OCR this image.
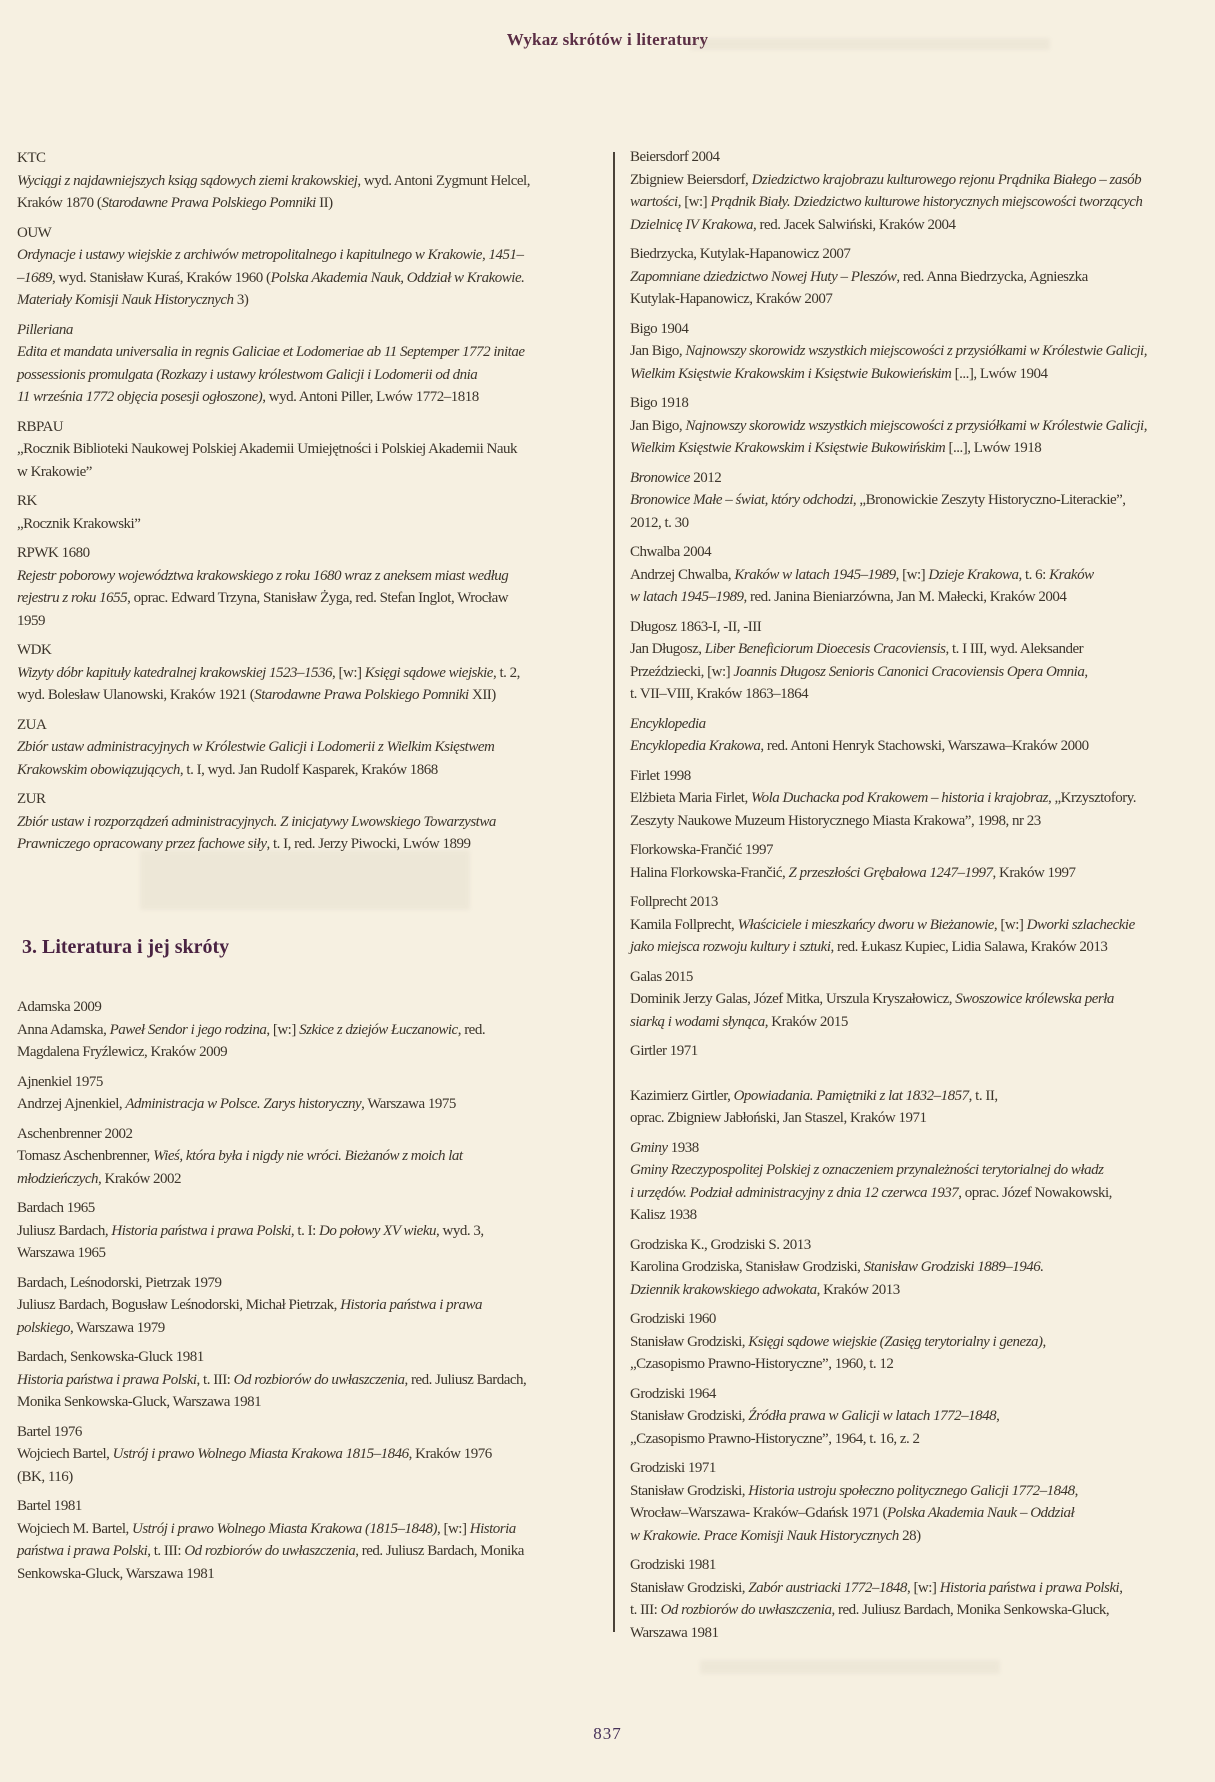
Wykaz skrótów i literatury
KTC
Wyciągi z najdawniejszych ksiąg sądowych ziemi krakowskiej, wyd. Antoni Zygmunt Helcel,
Kraków 1870 (Starodawne Prawa Polskiego Pomniki II)
OUW
Ordynacje i ustawy wiejskie z archiwów metropolitalnego i kapitulnego w Krakowie, 1451–
–1689, wyd. Stanisław Kuraś, Kraków 1960 (Polska Akademia Nauk, Oddział w Krakowie.
Materiały Komisji Nauk Historycznych 3)
Pilleriana
Edita et mandata universalia in regnis Galiciae et Lodomeriae ab 11 Septemper 1772 initae
possessionis promulgata (Rozkazy i ustawy królestwom Galicji i Lodomerii od dnia
11 września 1772 objęcia posesji ogłoszone), wyd. Antoni Piller, Lwów 1772–1818
RBPAU
„Rocznik Biblioteki Naukowej Polskiej Akademii Umiejętności i Polskiej Akademii Nauk
w Krakowie”
RK
„Rocznik Krakowski”
RPWK 1680
Rejestr poborowy województwa krakowskiego z roku 1680 wraz z aneksem miast według
rejestru z roku 1655, oprac. Edward Trzyna, Stanisław Żyga, red. Stefan Inglot, Wrocław
1959
WDK
Wizyty dóbr kapituły katedralnej krakowskiej 1523–1536, [w:] Księgi sądowe wiejskie, t. 2,
wyd. Bolesław Ulanowski, Kraków 1921 (Starodawne Prawa Polskiego Pomniki XII)
ZUA
Zbiór ustaw administracyjnych w Królestwie Galicji i Lodomerii z Wielkim Księstwem
Krakowskim obowiązujących, t. I, wyd. Jan Rudolf Kasparek, Kraków 1868
ZUR
Zbiór ustaw i rozporządzeń administracyjnych. Z inicjatywy Lwowskiego Towarzystwa
Prawniczego opracowany przez fachowe siły, t. I, red. Jerzy Piwocki, Lwów 1899
3. Literatura i jej skróty
Adamska 2009
Anna Adamska, Paweł Sendor i jego rodzina, [w:] Szkice z dziejów Łuczanowic, red.
Magdalena Fryźlewicz, Kraków 2009
Ajnenkiel 1975
Andrzej Ajnenkiel, Administracja w Polsce. Zarys historyczny, Warszawa 1975
Aschenbrenner 2002
Tomasz Aschenbrenner, Wieś, która była i nigdy nie wróci. Bieżanów z moich lat
młodzieńczych, Kraków 2002
Bardach 1965
Juliusz Bardach, Historia państwa i prawa Polski, t. I: Do połowy XV wieku, wyd. 3,
Warszawa 1965
Bardach, Leśnodorski, Pietrzak 1979
Juliusz Bardach, Bogusław Leśnodorski, Michał Pietrzak, Historia państwa i prawa
polskiego, Warszawa 1979
Bardach, Senkowska-Gluck 1981
Historia państwa i prawa Polski, t. III: Od rozbiorów do uwłaszczenia, red. Juliusz Bardach,
Monika Senkowska-Gluck, Warszawa 1981
Bartel 1976
Wojciech Bartel, Ustrój i prawo Wolnego Miasta Krakowa 1815–1846, Kraków 1976
(BK, 116)
Bartel 1981
Wojciech M. Bartel, Ustrój i prawo Wolnego Miasta Krakowa (1815–1848), [w:] Historia
państwa i prawa Polski, t. III: Od rozbiorów do uwłaszczenia, red. Juliusz Bardach, Monika
Senkowska-Gluck, Warszawa 1981
Beiersdorf 2004
Zbigniew Beiersdorf, Dziedzictwo krajobrazu kulturowego rejonu Prądnika Białego – zasób
wartości, [w:] Prądnik Biały. Dziedzictwo kulturowe historycznych miejscowości tworzących
Dzielnicę IV Krakowa, red. Jacek Salwiński, Kraków 2004
Biedrzycka, Kutylak-Hapanowicz 2007
Zapomniane dziedzictwo Nowej Huty – Pleszów, red. Anna Biedrzycka, Agnieszka
Kutylak-Hapanowicz, Kraków 2007
Bigo 1904
Jan Bigo, Najnowszy skorowidz wszystkich miejscowości z przysiółkami w Królestwie Galicji,
Wielkim Księstwie Krakowskim i Księstwie Bukowieńskim [...], Lwów 1904
Bigo 1918
Jan Bigo, Najnowszy skorowidz wszystkich miejscowości z przysiółkami w Królestwie Galicji,
Wielkim Księstwie Krakowskim i Księstwie Bukowińskim [...], Lwów 1918
Bronowice 2012
Bronowice Małe – świat, który odchodzi, „Bronowickie Zeszyty Historyczno-Literackie”,
2012, t. 30
Chwalba 2004
Andrzej Chwalba, Kraków w latach 1945–1989, [w:] Dzieje Krakowa, t. 6: Kraków
w latach 1945–1989, red. Janina Bieniarzówna, Jan M. Małecki, Kraków 2004
Długosz 1863-I, -II, -III
Jan Długosz, Liber Beneficiorum Dioecesis Cracoviensis, t. I III, wyd. Aleksander
Przeździecki, [w:] Joannis Długosz Senioris Canonici Cracoviensis Opera Omnia,
t. VII–VIII, Kraków 1863–1864
Encyklopedia
Encyklopedia Krakowa, red. Antoni Henryk Stachowski, Warszawa–Kraków 2000
Firlet 1998
Elżbieta Maria Firlet, Wola Duchacka pod Krakowem – historia i krajobraz, „Krzysztofory.
Zeszyty Naukowe Muzeum Historycznego Miasta Krakowa”, 1998, nr 23
Florkowska-Frančić 1997
Halina Florkowska-Frančić, Z przeszłości Grębałowa 1247–1997, Kraków 1997
Follprecht 2013
Kamila Follprecht, Właściciele i mieszkańcy dworu w Bieżanowie, [w:] Dworki szlacheckie
jako miejsca rozwoju kultury i sztuki, red. Łukasz Kupiec, Lidia Salawa, Kraków 2013
Galas 2015
Dominik Jerzy Galas, Józef Mitka, Urszula Kryszałowicz, Swoszowice królewska perła
siarką i wodami słynąca, Kraków 2015
Girtler 1971
Kazimierz Girtler, Opowiadania. Pamiętniki z lat 1832–1857, t. II,
oprac. Zbigniew Jabłoński, Jan Staszel, Kraków 1971
Gminy 1938
Gminy Rzeczypospolitej Polskiej z oznaczeniem przynależności terytorialnej do władz
i urzędów. Podział administracyjny z dnia 12 czerwca 1937, oprac. Józef Nowakowski,
Kalisz 1938
Grodziska K., Grodziski S. 2013
Karolina Grodziska, Stanisław Grodziski, Stanisław Grodziski 1889–1946.
Dziennik krakowskiego adwokata, Kraków 2013
Grodziski 1960
Stanisław Grodziski, Księgi sądowe wiejskie (Zasięg terytorialny i geneza),
„Czasopismo Prawno-Historyczne”, 1960, t. 12
Grodziski 1964
Stanisław Grodziski, Źródła prawa w Galicji w latach 1772–1848,
„Czasopismo Prawno-Historyczne”, 1964, t. 16, z. 2
Grodziski 1971
Stanisław Grodziski, Historia ustroju społeczno politycznego Galicji 1772–1848,
Wrocław–Warszawa- Kraków–Gdańsk 1971 (Polska Akademia Nauk – Oddział
w Krakowie. Prace Komisji Nauk Historycznych 28)
Grodziski 1981
Stanisław Grodziski, Zabór austriacki 1772–1848, [w:] Historia państwa i prawa Polski,
t. III: Od rozbiorów do uwłaszczenia, red. Juliusz Bardach, Monika Senkowska-Gluck,
Warszawa 1981
837
